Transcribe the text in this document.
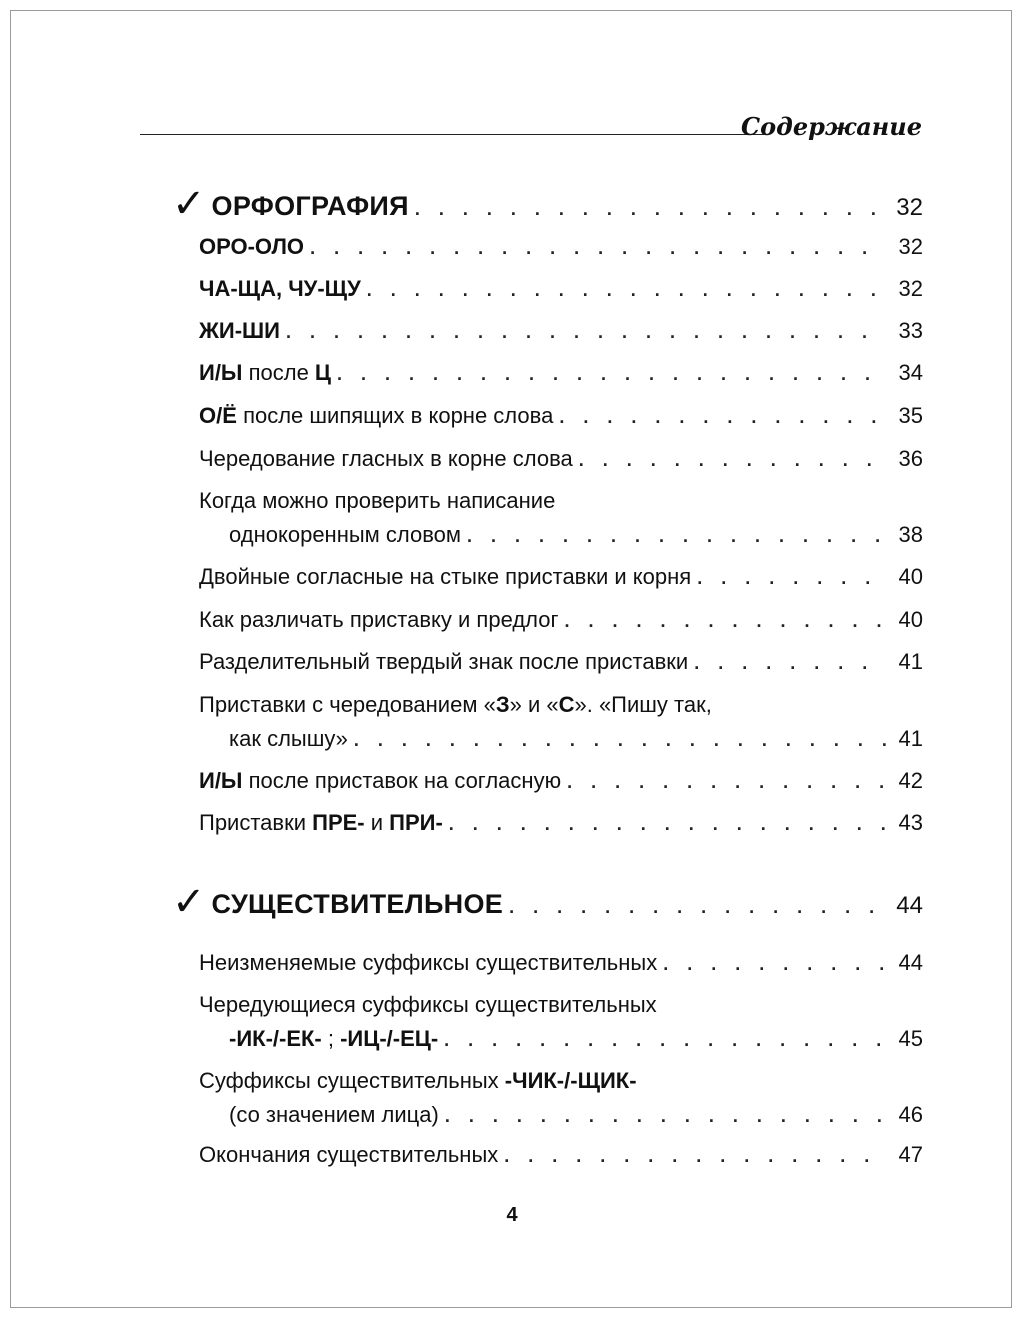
Содержание
✓ ОРФОГРАФИЯ . . .	32
ОРО-ОЛО . . .	32
ЧА-ЩА, ЧУ-ЩУ . . .	32
ЖИ-ШИ . . .	33
И/Ы после Ц . . .	34
О/Ё после шипящих в корне слова . . .	35
Чередование гласных в корне слова . . .	36
Когда можно проверить написание
однокоренным словом . . .	38
Двойные согласные на стыке приставки и корня . . .	40
Как различать приставку и предлог . . .	40
Разделительный твердый знак после приставки . . .	41
Приставки с чередованием «З» и «С». «Пишу так,
как слышу» . . .	41
И/Ы после приставок на согласную . . .	42
Приставки ПРЕ- и ПРИ- . . .	43
✓ СУЩЕСТВИТЕЛЬНОЕ . . .	44
Неизменяемые суффиксы существительных . . .	44
Чередующиеся суффиксы существительных
-ИК-/-ЕК- ; -ИЦ-/-ЕЦ- . . .	45
Суффиксы существительных -ЧИК-/-ЩИК-
(со значением лица) . . .	46
Окончания существительных . . .	47
4
